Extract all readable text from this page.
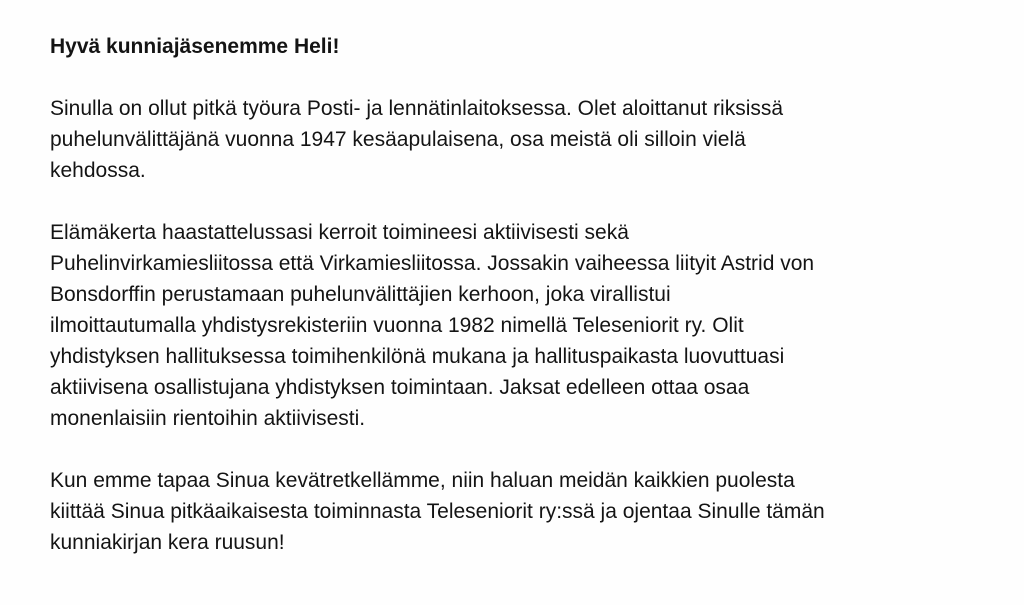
Hyvä kunniajäsenemme Heli!
Sinulla on ollut pitkä työura Posti- ja lennätinlaitoksessa. Olet aloittanut riksissä
puhelunvälittäjänä vuonna 1947 kesäapulaisena, osa meistä oli silloin vielä
kehdossa.
Elämäkerta haastattelussasi kerroit toimineesi aktiivisesti sekä
Puhelinvirkamiesliitossa että Virkamiesliitossa. Jossakin vaiheessa liityit Astrid von
Bonsdorffin perustamaan puhelunvälittäjien kerhoon, joka virallistui
ilmoittautumalla yhdistysrekisteriin vuonna 1982 nimellä Teleseniorit ry. Olit
yhdistyksen hallituksessa toimihenkilönä mukana ja hallituspaikasta luovuttuasi
aktiivisena osallistujana yhdistyksen toimintaan. Jaksat edelleen ottaa osaa
monenlaisiin rientoihin aktiivisesti.
Kun emme tapaa Sinua kevätretkellämme, niin haluan meidän kaikkien puolesta
kiittää Sinua pitkäaikaisesta toiminnasta Teleseniorit ry:ssä ja ojentaa Sinulle tämän
kunniakirjan kera ruusun!
